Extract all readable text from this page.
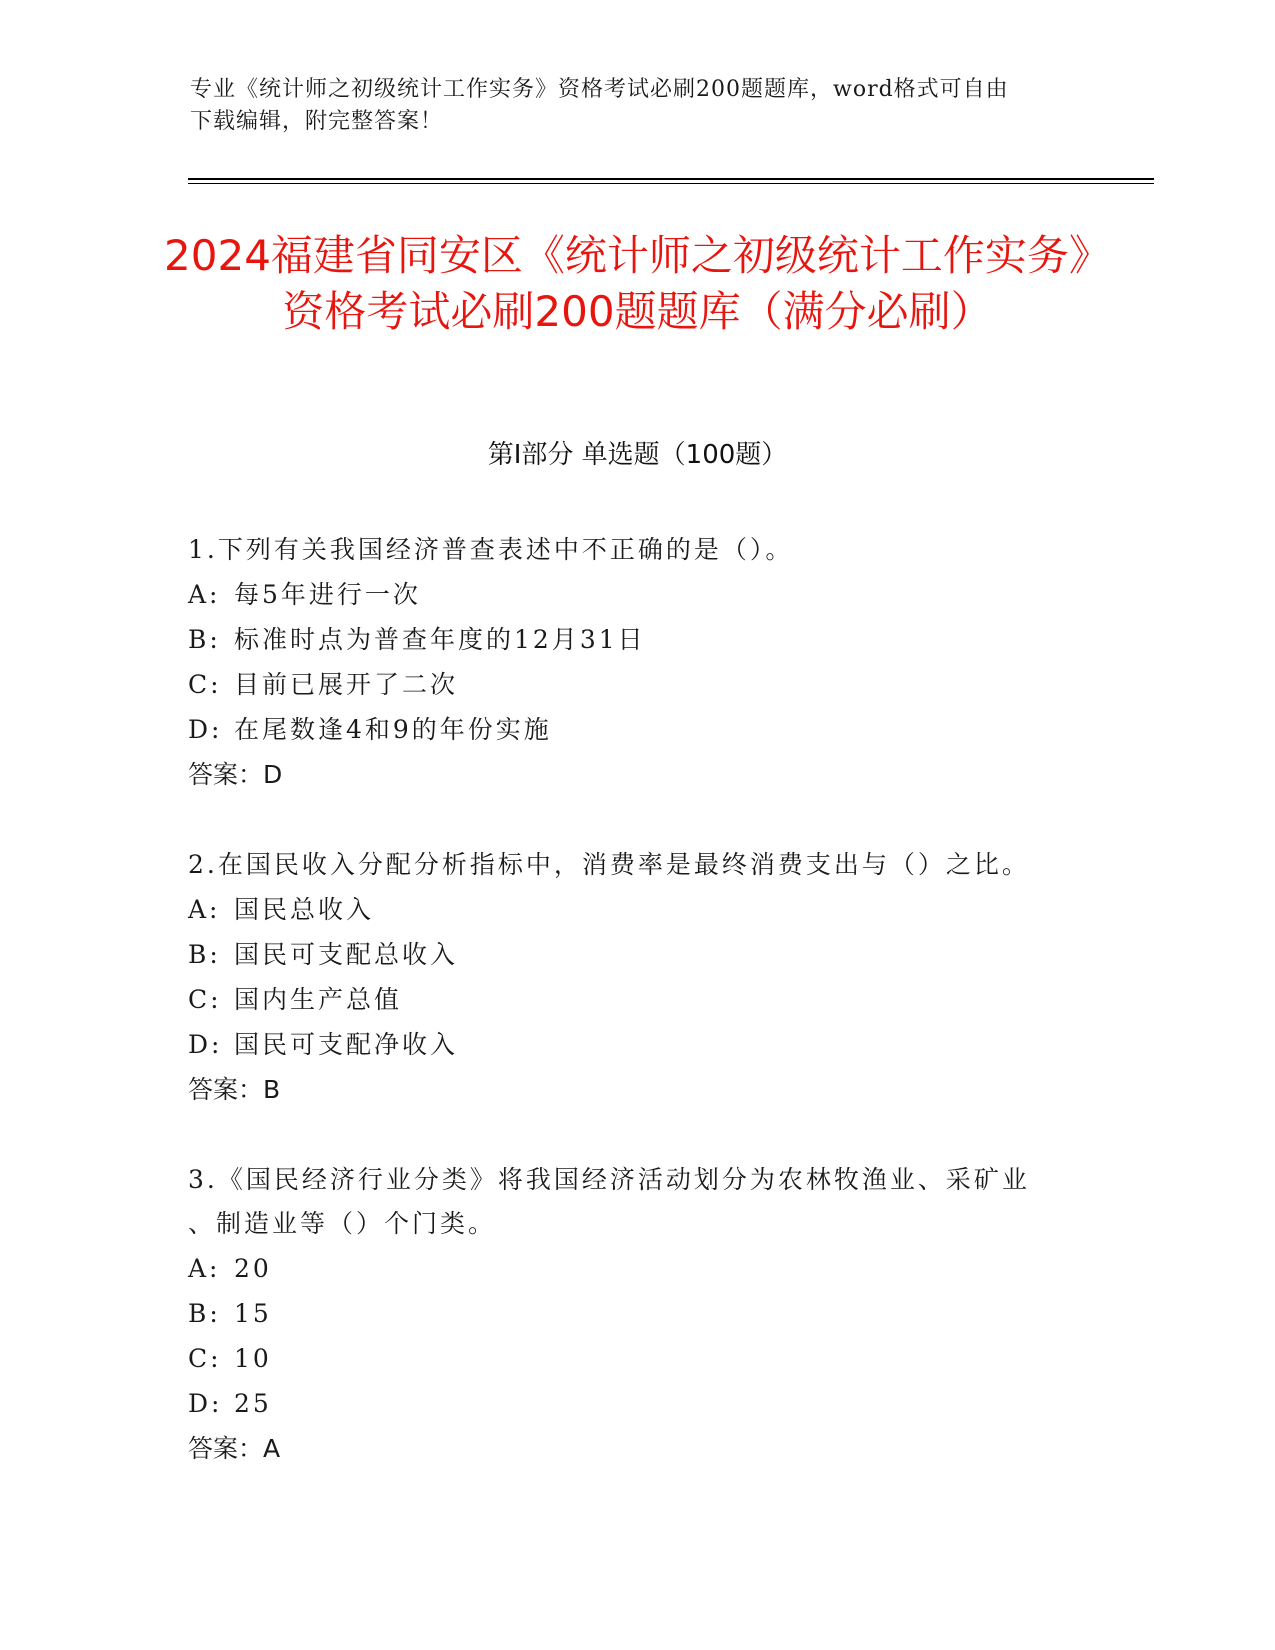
专业《统计师之初级统计工作实务》资格考试必刷200题题库，word格式可自由
下载编辑，附完整答案！
2024福建省同安区《统计师之初级统计工作实务》资格考试必刷200题题库（满分必刷）
第Ⅰ部分 单选题（100题）
1.下列有关我国经济普查表述中不正确的是（）。
A: 每5年进行一次
B: 标准时点为普查年度的12月31日
C: 目前已展开了二次
D: 在尾数逢4和9的年份实施
答案：D
2.在国民收入分配分析指标中，消费率是最终消费支出与（）之比。
A: 国民总收入
B: 国民可支配总收入
C: 国内生产总值
D: 国民可支配净收入
答案：B
3.《国民经济行业分类》将我国经济活动划分为农林牧渔业、采矿业
、制造业等（）个门类。
A: 20
B: 15
C: 10
D: 25
答案：A
